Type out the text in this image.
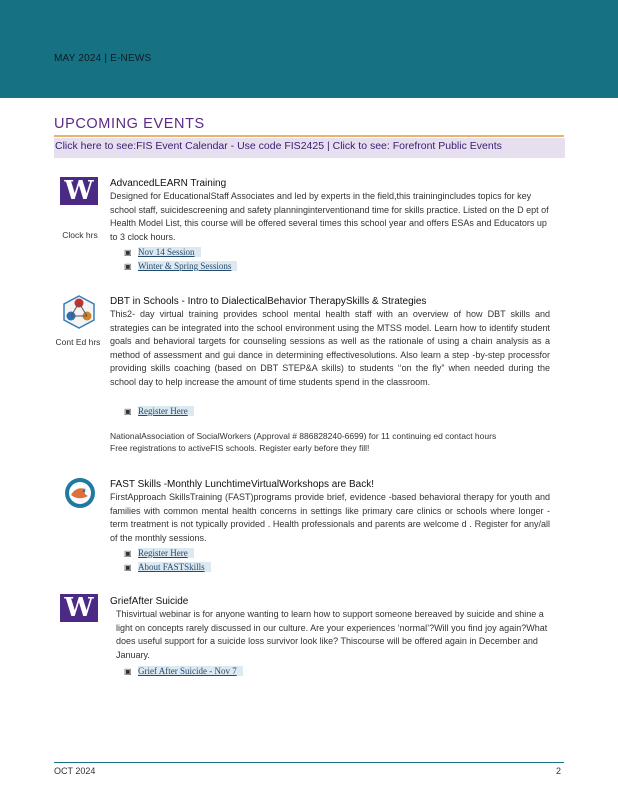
MAY 2024 | E-NEWS
UPCOMING EVENTS
Click here to see:FIS Event Calendar - Use code FIS2425 | Click to see: Forefront Public Events
W
Clock hrs
AdvancedLEARN Training
Designed for EducationalStaff Associates and led by experts in the field,this trainingincludes topics for key school staff, suicidescreening and safety planninginterventionand time for skills practice. Listed on the D ept of Health Model List, this course will be offered several times this school year and offers ESAs and Educators up to 3 clock hours.
▣ Nov 14 Session
▣ Winter & Spring Sessions
Cont Ed hrs
DBT in Schools - Intro to DialecticalBehavior TherapySkills & Strategies
This2- day virtual training provides school mental health staff with an overview of how DBT skills and strategies can be integrated into the school environment using the MTSS model. Learn how to identify student goals and behavioral targets for counseling sessions as well as the rationale of using a chain analysis as a method of assessment and gui dance in determining effectivesolutions. Also learn a step -by-step processfor providing skills coaching (based on DBT STEP&A skills) to students ‘‘on the fly” when needed during the school day to help increase the amount of time students spend in the classroom.
▣ Register Here
NationalAssociation of SocialWorkers (Approval # 886828240-6699) for 11 continuing ed contact hours
Free registrations to activeFIS schools. Register early before they fill!
FAST Skills -Monthly LunchtimeVirtualWorkshops are Back!
FirstApproach SkillsTraining (FAST)programs provide brief, evidence -based behavioral therapy for youth and families with common mental health concerns in settings like primary care clinics or schools where longer -term treatment is not typically provided . Health professionals and parents are welcome d . Register for any/all of the monthly sessions.
▣ Register Here
▣ About FASTSkills
W	GriefAfter Suicide
Thisvirtual webinar is for anyone wanting to learn how to support someone bereaved by suicide and shine a light on concepts rarely discussed in our culture. Are your experiences ‘normal’?Will you find joy again?What does useful support for a suicide loss survivor look like? Thiscourse will be offered again in December and January.
▣ Grief After Suicide - Nov 7
OCT 2024	2
